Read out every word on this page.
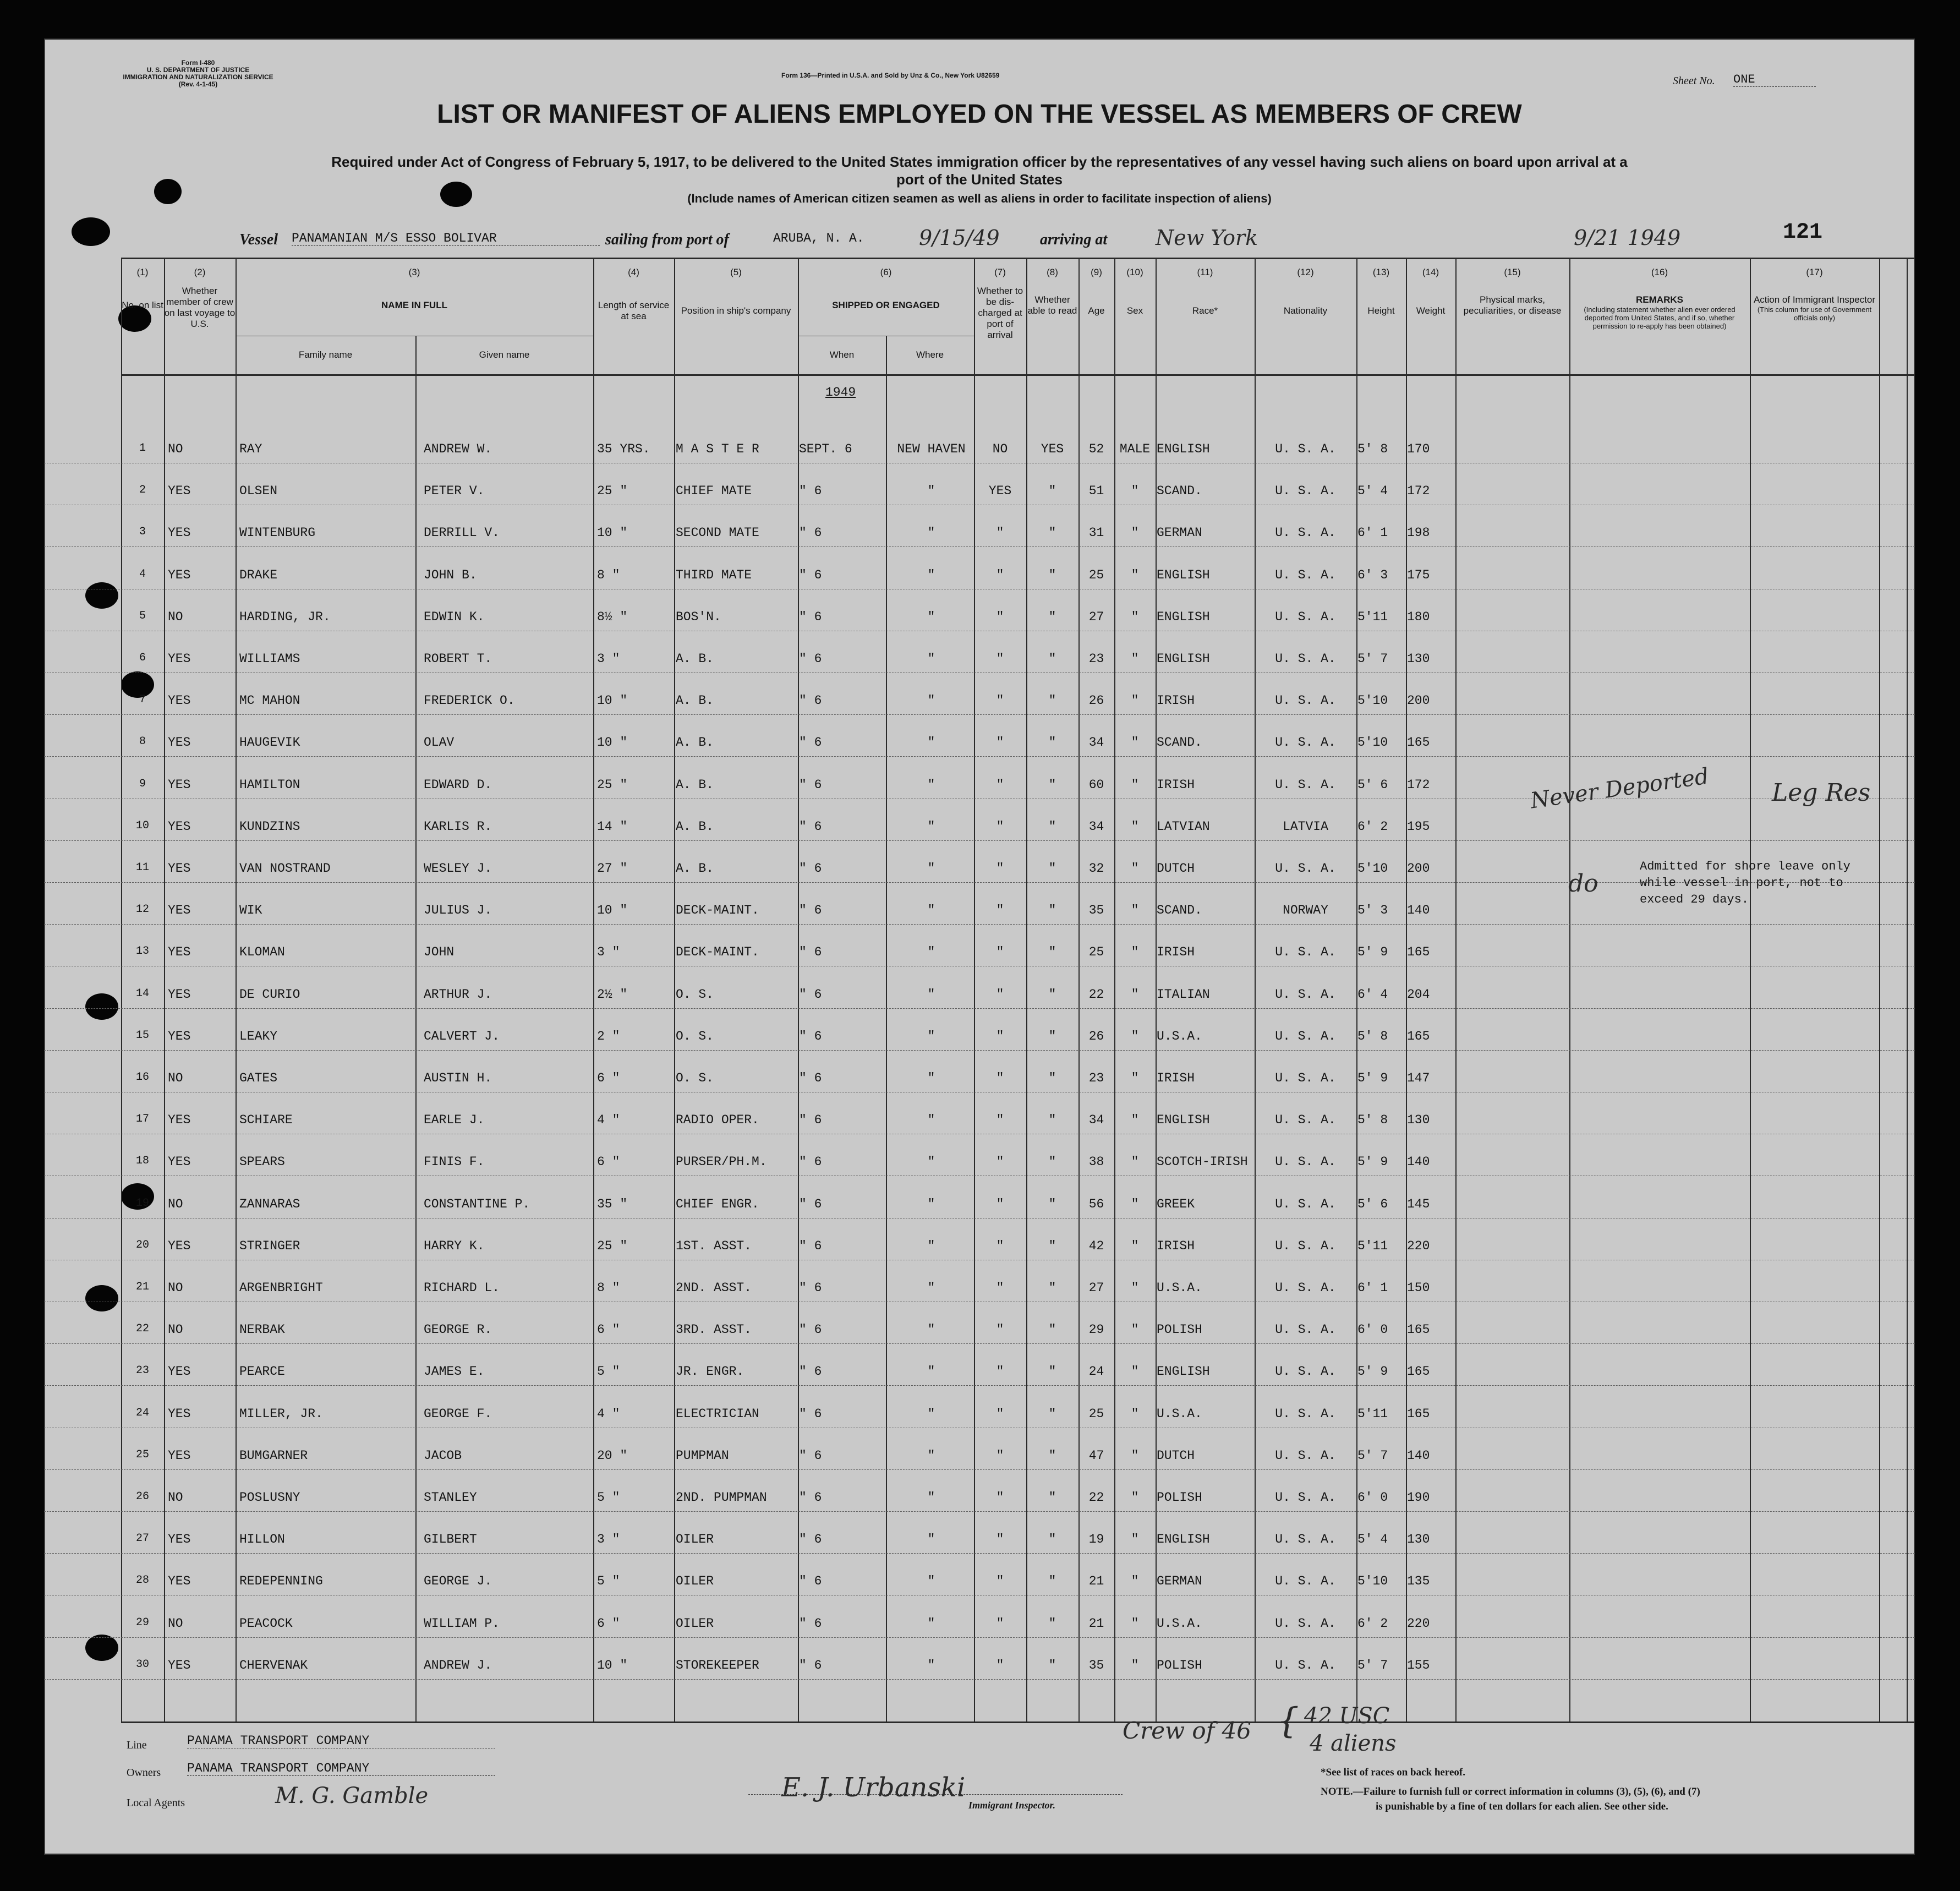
Form I-480
U. S. DEPARTMENT OF JUSTICE
IMMIGRATION AND NATURALIZATION SERVICE
(Rev. 4-1-45)
Form 136—Printed in U.S.A. and Sold by Unz & Co., New York U82659	Sheet No. ONE
LIST OR MANIFEST OF ALIENS EMPLOYED ON THE VESSEL AS MEMBERS OF CREW
Required under Act of Congress of February 5, 1917, to be delivered to the United States immigration officer by the representatives of any vessel having such aliens on board upon arrival at a
port of the United States
(Include names of American citizen seamen as well as aliens in order to facilitate inspection of aliens)
Vessel PANAMANIAN M/S ESSO BOLIVAR	sailing from port of	ARUBA, N. A.	9/15/49	arriving at New York	9/21 1949	121
(1)
No. on list
(2)
Whether member of crew on last voyage to U.S.
(3)
NAME IN FULL
Family name	Given name
(4)
Length of service at sea
(5)
Position in ship's company
(6)
SHIPPED OR ENGAGED
When	Where
(7)
Whether to be dis-charged at port of arrival
(8)
Whether able to read
(9)
Age
(10)
Sex
(11)
Race*
(12)
Nationality
(13)
Height
(14)
Weight
(15)
Physical marks, peculiarities, or disease
(16)
REMARKS
(Including statement whether alien ever ordered deported from United States, and if so, whether permission to re-apply has been obtained)
(17)
Action of Immigrant Inspector
(This column for use of Government officials only)
1949
1	NO	RAY	ANDREW W.	35 YRS.	M A S T E R	SEPT. 6	NEW HAVEN	NO	YES	52	MALE ENGLISH	U. S. A.	5' 8	170
2	YES	OLSEN	PETER V.	25 "	CHIEF MATE	" 6	"	YES	"	51	"	SCAND.	U. S. A.	5' 4	172
3	YES	WINTENBURG	DERRILL V.	10 "	SECOND MATE	" 6	"	"	"	31	"	GERMAN	U. S. A.	6' 1	198
4	YES	DRAKE	JOHN B.	8 "	THIRD MATE	" 6	"	"	"	25	"	ENGLISH	U. S. A.	6' 3	175
5	NO	HARDING, JR.	EDWIN K.	8½ "	BOS'N.	" 6	"	"	"	27	"	ENGLISH	U. S. A.	5'11	180
6	YES	WILLIAMS	ROBERT T.	3 "	A. B.	" 6	"	"	"	23	"	ENGLISH	U. S. A.	5' 7	130
7	YES	MC MAHON	FREDERICK O.	10 "	A. B.	" 6	"	"	"	26	"	IRISH	U. S. A.	5'10	200
8	YES	HAUGEVIK	OLAV	10 "	A. B.	" 6	"	"	"	34	"	SCAND.	U. S. A.	5'10	165
9	YES	HAMILTON	EDWARD D.	25 "	A. B.	" 6	"	"	"	60	"	IRISH	U. S. A.	5' 6	172
10	YES	KUNDZINS	KARLIS R.	14 "	A. B.	" 6	"	"	"	34	"	LATVIAN	LATVIA	6' 2	195
11	YES	VAN NOSTRAND	WESLEY J.	27 "	A. B.	" 6	"	"	"	32	"	DUTCH	U. S. A.	5'10	200
12	YES	WIK	JULIUS J.	10 "	DECK-MAINT.	" 6	"	"	"	35	"	SCAND.	NORWAY	5' 3	140
13	YES	KLOMAN	JOHN	3 "	DECK-MAINT.	" 6	"	"	"	25	"	IRISH	U. S. A.	5' 9	165
14	YES	DE CURIO	ARTHUR J.	2½ "	O. S.	" 6	"	"	"	22	"	ITALIAN	U. S. A.	6' 4	204
15	YES	LEAKY	CALVERT J.	2 "	O. S.	" 6	"	"	"	26	"	U.S.A.	U. S. A.	5' 8	165
16	NO	GATES	AUSTIN H.	6 "	O. S.	" 6	"	"	"	23	"	IRISH	U. S. A.	5' 9	147
17	YES	SCHIARE	EARLE J.	4 "	RADIO OPER.	" 6	"	"	"	34	"	ENGLISH	U. S. A.	5' 8	130
18	YES	SPEARS	FINIS F.	6 "	PURSER/PH.M.	" 6	"	"	"	38	"	SCOTCH-IRISH	U. S. A.	5' 9	140
19	NO	ZANNARAS	CONSTANTINE P.	35 "	CHIEF ENGR.	" 6	"	"	"	56	"	GREEK	U. S. A.	5' 6	145
20	YES	STRINGER	HARRY K.	25 "	1ST. ASST.	" 6	"	"	"	42	"	IRISH	U. S. A.	5'11	220
21	NO	ARGENBRIGHT	RICHARD L.	8 "	2ND. ASST.	" 6	"	"	"	27	"	U.S.A.	U. S. A.	6' 1	150
22	NO	NERBAK	GEORGE R.	6 "	3RD. ASST.	" 6	"	"	"	29	"	POLISH	U. S. A.	6' 0	165
23	YES	PEARCE	JAMES E.	5 "	JR. ENGR.	" 6	"	"	"	24	"	ENGLISH	U. S. A.	5' 9	165
24	YES	MILLER, JR.	GEORGE F.	4 "	ELECTRICIAN	" 6	"	"	"	25	"	U.S.A.	U. S. A.	5'11	165
25	YES	BUMGARNER	JACOB	20 "	PUMPMAN	" 6	"	"	"	47	"	DUTCH	U. S. A.	5' 7	140
26	NO	POSLUSNY	STANLEY	5 "	2ND. PUMPMAN	" 6	"	"	"	22	"	POLISH	U. S. A.	6' 0	190
27	YES	HILLON	GILBERT	3 "	OILER	" 6	"	"	"	19	"	ENGLISH	U. S. A.	5' 4	130
28	YES	REDEPENNING	GEORGE J.	5 "	OILER	" 6	"	"	"	21	"	GERMAN	U. S. A.	5'10	135
29	NO	PEACOCK	WILLIAM P.	6 "	OILER	" 6	"	"	"	21	"	U.S.A.	U. S. A.	6' 2	220
30	YES	CHERVENAK	ANDREW J.	10 "	STOREKEEPER	" 6	"	"	"	35	"	POLISH	U. S. A.	5' 7	155
Never Deported	Leg Res
do
Admitted for shore leave only
while vessel in port, not to
exceed 29 days.
Line	PANAMA TRANSPORT COMPANY
Owners PANAMA TRANSPORT COMPANY
Local Agents	M. G. Gamble	E. J. Urbanski
Immigrant Inspector.
Crew of 46 { 42 USC
4 aliens
*See list of races on back hereof.
NOTE.—Failure to furnish full or correct information in columns (3), (5), (6), and (7)
is punishable by a fine of ten dollars for each alien. See other side.
